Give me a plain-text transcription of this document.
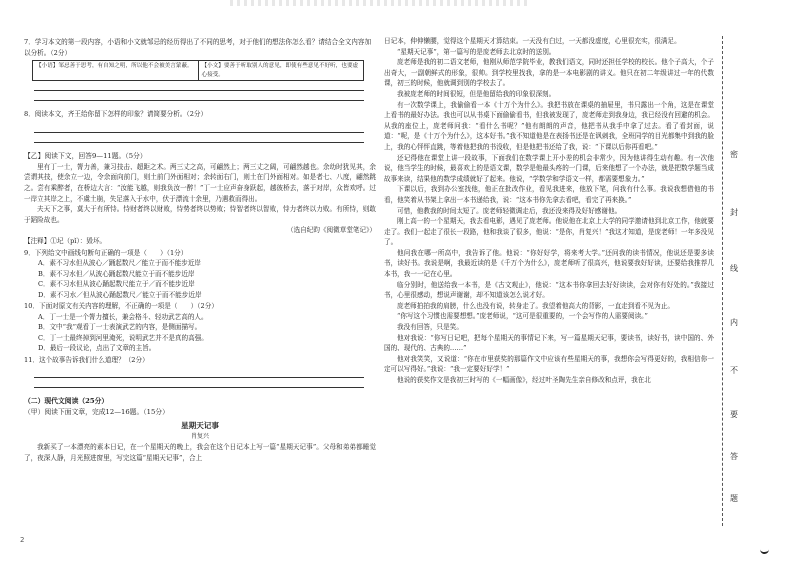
7．学习本文的第一段内容，小语和小文就邹忌的经历得出了不同的思考，对于他们的想法你怎么看？请结合全文内容加以分析。（2分）

【小语】邹忌善于思考，有自知之明，所以他不会被美言蒙蔽。	【小文】要善于听取别人的意见，即使有些意见不好听，也要虚心接受。

8．阅读本文，齐王给你留下怎样的印象？请简要分析。（2分）

【乙】阅读下文，回答9—11题。（5分）

里有丁一士，膂力善，兼习技击、超距之术。两三丈之高，可翩然上；两三丈之阔，可翩然越也。余幼时犹见其，余尝谓其技，使余立一边，令余面向前门，则土前门外面相对；余转面右门，则土在门外面相对。如是者七、八度，翩然跳之。尝有乘醉者，在桥边大言：“汝能飞越，则我负汝一醉！”丁一士应声奋身跃起，越彼桥去，落于对岸，众皆欢呼。过一岸立其岸之上，不虞土崩，失足落入于水中，伏于漂流十余里，乃遇救而得出。

夫天下之事，莫大于有所恃。恃财者终以财败，恃势者终以势败；恃智者终以智败，恃力者终以力败。有所恃，则敢于蹈险故也。

（选自纪昀《阅微草堂笔记》）

【注释】①圮（pǐ）：毁坏。

9．下列给文中画线句断句正确的一项是（　　）（1分）

A．素不习水但从波心／踊起数尺／能立于而不能步近岸

B．素不习水但／从波心踊起数尺能立于而不能步近岸

C．素不习水但从波心踊起数尺能立于／而不能步近岸

D．素不习水／但从波心踊起数尺／能立于而不能步近岸

10．下面对原文有关内容的理解，不正确的一项是（　　）（2分）

A．丁一士是一个膂力擅长，兼会格斗、轻功武艺高的人。

B．文中“我”观看丁一士表演武艺的内容，是侧面描写。

C．丁一士最终掉到河里淹死，说明武艺并不是真的高强。

D．最后一段议论，点出了文章的主旨。

11．这个故事告诉我们什么道理？（2分）

（二）现代文阅读（25分）

（甲）阅读下面文章，完成12—16题。（15分）

星期天记事

肖复兴

我新买了一本漂亮的素本日记，在一个星期天的晚上，我会在这个日记本上写一篇“星期天记事”。父母和弟弟都睡觉了，夜深人静，月光照进窗里，写完这篇“星期天记事”，合上

日记本，伸伸懒腰，觉得这个星期天才算结束。一天没有白过，一天都没虚度，心里很充实，很满足。

“星期天记事”，第一篇写的是庞老师去北京时的送别。

庞老师是我的初二语文老师，他刚从师范学院毕业，教我们语文，同时还担任学校的校长。他个子高大，个子出奇大，一副朝鲜式的形象，很帅。到学校里找我，拿的是一本电影剧的讲义。他只在初二年级讲过一年的代数课，初三的时候，他就调到别的学校去了。

我被庞老师的时间很短，但是他留给我的印象很深刻。

有一次数学课上，我偷偷看一本《十万个为什么》。我把书放在课桌的抽屉里，书只露出一个角，这是在课堂上看书的最好办法。我也可以从书桌下面偷偷看书，但我被发现了，庞老师走到我身边，我已经没有回避的机会。从我的座位上，庞老师问我：“看什么书呢？”他有朗朗的声音，他把书从我手中拿了过去。看了看封面，说道：“呢，是《十万个为什么》，这本好书。”我不知道他是在表扬书还是在讽刺我，全班同学的目光都集中到我的脸上，我的心怦怦直跳，等着他把我的书没收，但是他把书还给了我，说：“下课以后你再看吧。”

还记得他在课堂上讲一段故事，下面我们在数学课上开小差的机会非常少，因为他讲得生动有趣。有一次他说，他当学生的时候，最喜欢上的是语文课，数学是他最头疼的一门课，后来他想了一个办法，就是把数学题当成故事来读，结果他的数学成绩就好了起来。他说，“学数学和学语文一样，都需要想象力。”

下课以后，我到办公室找他，他正在批改作业，看见我进来，他放下笔，问我有什么事。我说我想借他的书看，他笑着从书架上拿出一本书递给我，说：“这本书你先拿去看吧，看完了再来换。”

可惜，他教我的时间太短了。庞老师轻微调走后，我还没来得及好好感谢他。

刚上高一的一个星期天，我去看电影，遇见了庞老师。他说他在北京上大学的同学邀请他到北京工作，他就要走了。我们一起走了很长一段路，他和我谈了很多，他说：“是你，肖复兴！”我这才知道，是庞老师！一年多没见了。

他问我在哪一所高中，我告诉了他。他说：“你好好学，将来考大学。”还问我的读书情况，他说还是要多读书，读好书。我说是啊，我最近读的是《千万个为什么》，庞老师听了很高兴，他说要我好好读，还要给我推荐几本书，我一一记在心里。

临分别时，他送给我一本书，是《古文观止》，他说：“这本书你拿回去好好读读，会对你有好处的。”我接过书，心里很感动，想说声谢谢，却不知道该怎么说才好。

庞老师拍拍我的肩膀，什么也没有说，转身走了。我望着他高大的背影，一直走到看不见为止。

“你写这个习惯也需要想想。”庞老师说，“这可是很重要的，一个会写作的人需要阅读。”

我没有回答，只是笑。

他对我说：“你写日记吧，把每个星期天的事情记下来，写一篇星期天记事，要读书，读好书，读中国的、外国的、现代的、古典的……”

他对我笑笑，又说道：“你在市里获奖的那篇作文中应该有些星期天的事，我想你会写得更好的，我相信你一定可以写得好。”我说：“我一定要好好学！”

他说的获奖作文是我初三时写的《一幅画像》，经过叶圣陶先生亲自修改和点评，我在北

密
封
线
内
不
要
答
题
2
